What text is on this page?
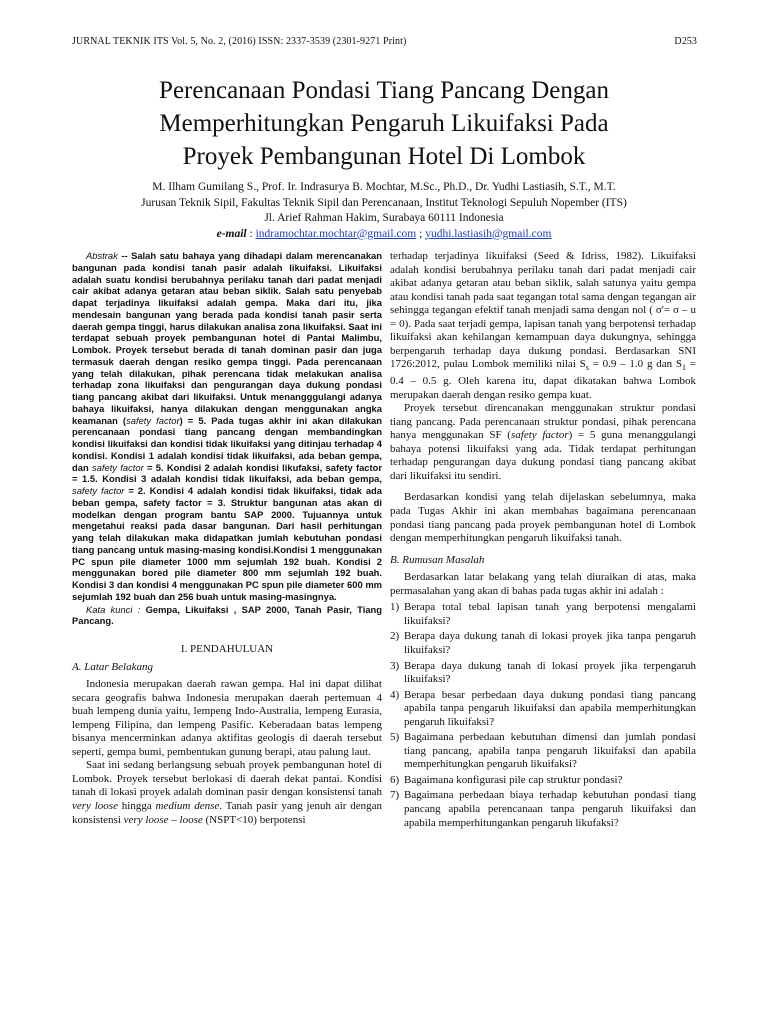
JURNAL TEKNIK ITS Vol. 5, No. 2, (2016) ISSN: 2337-3539 (2301-9271 Print)	D253
Perencanaan Pondasi Tiang Pancang Dengan
Memperhitungkan Pengaruh Likuifaksi Pada
Proyek Pembangunan Hotel Di Lombok
M. Ilham Gumilang S., Prof. Ir. Indrasurya B. Mochtar, M.Sc., Ph.D., Dr. Yudhi Lastiasih, S.T., M.T.
Jurusan Teknik Sipil, Fakultas Teknik Sipil dan Perencanaan, Institut Teknologi Sepuluh Nopember (ITS)
Jl. Arief Rahman Hakim, Surabaya 60111 Indonesia
e-mail : indramochtar.mochtar@gmail.com ; yudhi.lastiasih@gmail.com

Abstrak -- Salah satu bahaya yang dihadapi dalam merencanakan bangunan pada kondisi tanah pasir adalah likuifaksi. Likuifaksi adalah suatu kondisi berubahnya perilaku tanah dari padat menjadi cair akibat adanya getaran atau beban siklik. Salah satu penyebab dapat terjadinya likuifaksi adalah gempa. Maka dari itu, jika mendesain bangunan yang berada pada kondisi tanah pasir serta daerah gempa tinggi, harus dilakukan analisa zona likuifaksi. Saat ini terdapat sebuah proyek pembangunan hotel di Pantai Malimbu, Lombok. Proyek tersebut berada di tanah dominan pasir dan juga termasuk daerah dengan resiko gempa tinggi. Pada perencanaan yang telah dilakukan, pihak perencana tidak melakukan analisa terhadap zona likuifaksi dan pengurangan daya dukung pondasi tiang pancang akibat dari likuifaksi. Untuk menangggulangi adanya bahaya likuifaksi, hanya dilakukan dengan menggunakan angka keamanan (safety factor) = 5. Pada tugas akhir ini akan dilakukan perencanaan pondasi tiang pancang dengan membandingkan kondisi likuifaksi dan kondisi tidak likuifaksi yang ditinjau terhadap 4 kondisi. Kondisi 1 adalah kondisi tidak likuifaksi, ada beban gempa, dan safety factor = 5. Kondisi 2 adalah kondisi likufaksi, safety factor = 1.5. Kondisi 3 adalah kondisi tidak likuifaksi, ada beban gempa, safety factor = 2. Kondisi 4 adalah kondisi tidak likuifaksi, tidak ada beban gempa, safety factor = 3. Struktur bangunan atas akan di modelkan dengan program bantu SAP 2000. Tujuannya untuk mengetahui reaksi pada dasar bangunan. Dari hasil perhitungan yang telah dilakukan maka didapatkan jumlah kebutuhan pondasi tiang pancang untuk masing-masing kondisi.Kondisi 1 menggunakan PC spun pile diameter 1000 mm sejumlah 192 buah. Kondisi 2 menggunakan bored pile diameter 800 mm sejumlah 192 buah. Kondisi 3 dan kondisi 4 menggunakan PC spun pile diameter 600 mm sejumlah 192 buah dan 256 buah untuk masing-masingnya.

Kata kunci : Gempa, Likuifaksi , SAP 2000, Tanah Pasir, Tiang Pancang.

I. PENDAHULUAN

A. Latar Belakang

Indonesia merupakan daerah rawan gempa. Hal ini dapat dilihat secara geografis bahwa Indonesia merupakan daerah pertemuan 4 buah lempeng dunia yaitu, lempeng Indo-Australia, lempeng Eurasia, lempeng Filipina, dan lempeng Pasific. Keberadaan batas lempeng bisanya mencerminkan adanya aktifitas geologis di daerah tersebut seperti, gempa bumi, pembentukan gunung berapi, atau palung laut.

Saat ini sedang berlangsung sebuah proyek pembangunan hotel di Lombok. Proyek tersebut berlokasi di daerah dekat pantai. Kondisi tanah di lokasi proyek adalah dominan pasir dengan konsistensi tanah very loose hingga medium dense. Tanah pasir yang jenuh air dengan konsistensi very loose – loose (NSPT<10) berpotensi

terhadap terjadinya likuifaksi (Seed & Idriss, 1982). Likuifaksi adalah kondisi berubahnya perilaku tanah dari padat menjadi cair akibat adanya getaran atau beban siklik, salah satunya yaitu gempa atau kondisi tanah pada saat tegangan total sama dengan tegangan air sehingga tegangan efektif tanah menjadi sama dengan nol ( σ'= σ – u = 0). Pada saat terjadi gempa, lapisan tanah yang berpotensi terhadap likuifaksi akan kehilangan kemampuan daya dukungnya, sehingga berpengaruh terhadap daya dukung pondasi. Berdasarkan SNI 1726:2012, pulau Lombok memiliki nilai $S_s = 0.9 - 1.0$ g dan $S_1 = 0.4 - 0.5$ g. Oleh karena itu, dapat dikatakan bahwa Lombok merupakan daerah dengan resiko gempa kuat.

Proyek tersebut direncanakan menggunakan struktur pondasi tiang pancang. Pada perencanaan struktur pondasi, pihak perencana hanya menggunakan SF (safety factor) = 5 guna menanggulangi bahaya potensi likuifaksi yang ada. Tidak terdapat perhitungan terhadap pengurangan daya dukung pondasi tiang pancang akibat dari likuifaksi itu sendiri.

Berdasarkan kondisi yang telah dijelaskan sebelumnya, maka pada Tugas Akhir ini akan membahas bagaimana perencanaan pondasi tiang pancang pada proyek pembangunan hotel di Lombok dengan memperhitungkan pengaruh likuifaksi tanah.

B. Rumusan Masalah

Berdasarkan latar belakang yang telah diuraikan di atas, maka permasalahan yang akan di bahas pada tugas akhir ini adalah :

1) Berapa total tebal lapisan tanah yang berpotensi mengalami likuifaksi?
2) Berapa daya dukung tanah di lokasi proyek jika tanpa pengaruh likuifaksi?
3) Berapa daya dukung tanah di lokasi proyek jika terpengaruh likuifaksi?
4) Berapa besar perbedaan daya dukung pondasi tiang pancang apabila tanpa pengaruh likuifaksi dan apabila memperhitungkan pengaruh likuifaksi?
5) Bagaimana perbedaan kebutuhan dimensi dan jumlah pondasi tiang pancang, apabila tanpa pengaruh likuifaksi dan apabila memperhitungkan pengaruh likuifaksi?
6) Bagaimana konfigurasi pile cap struktur pondasi?
7) Bagaimana perbedaan biaya terhadap kebutuhan pondasi tiang pancang apabila perencanaan tanpa pengaruh likuifaksi dan apabila memperhitungankan pengaruh likufaksi?
